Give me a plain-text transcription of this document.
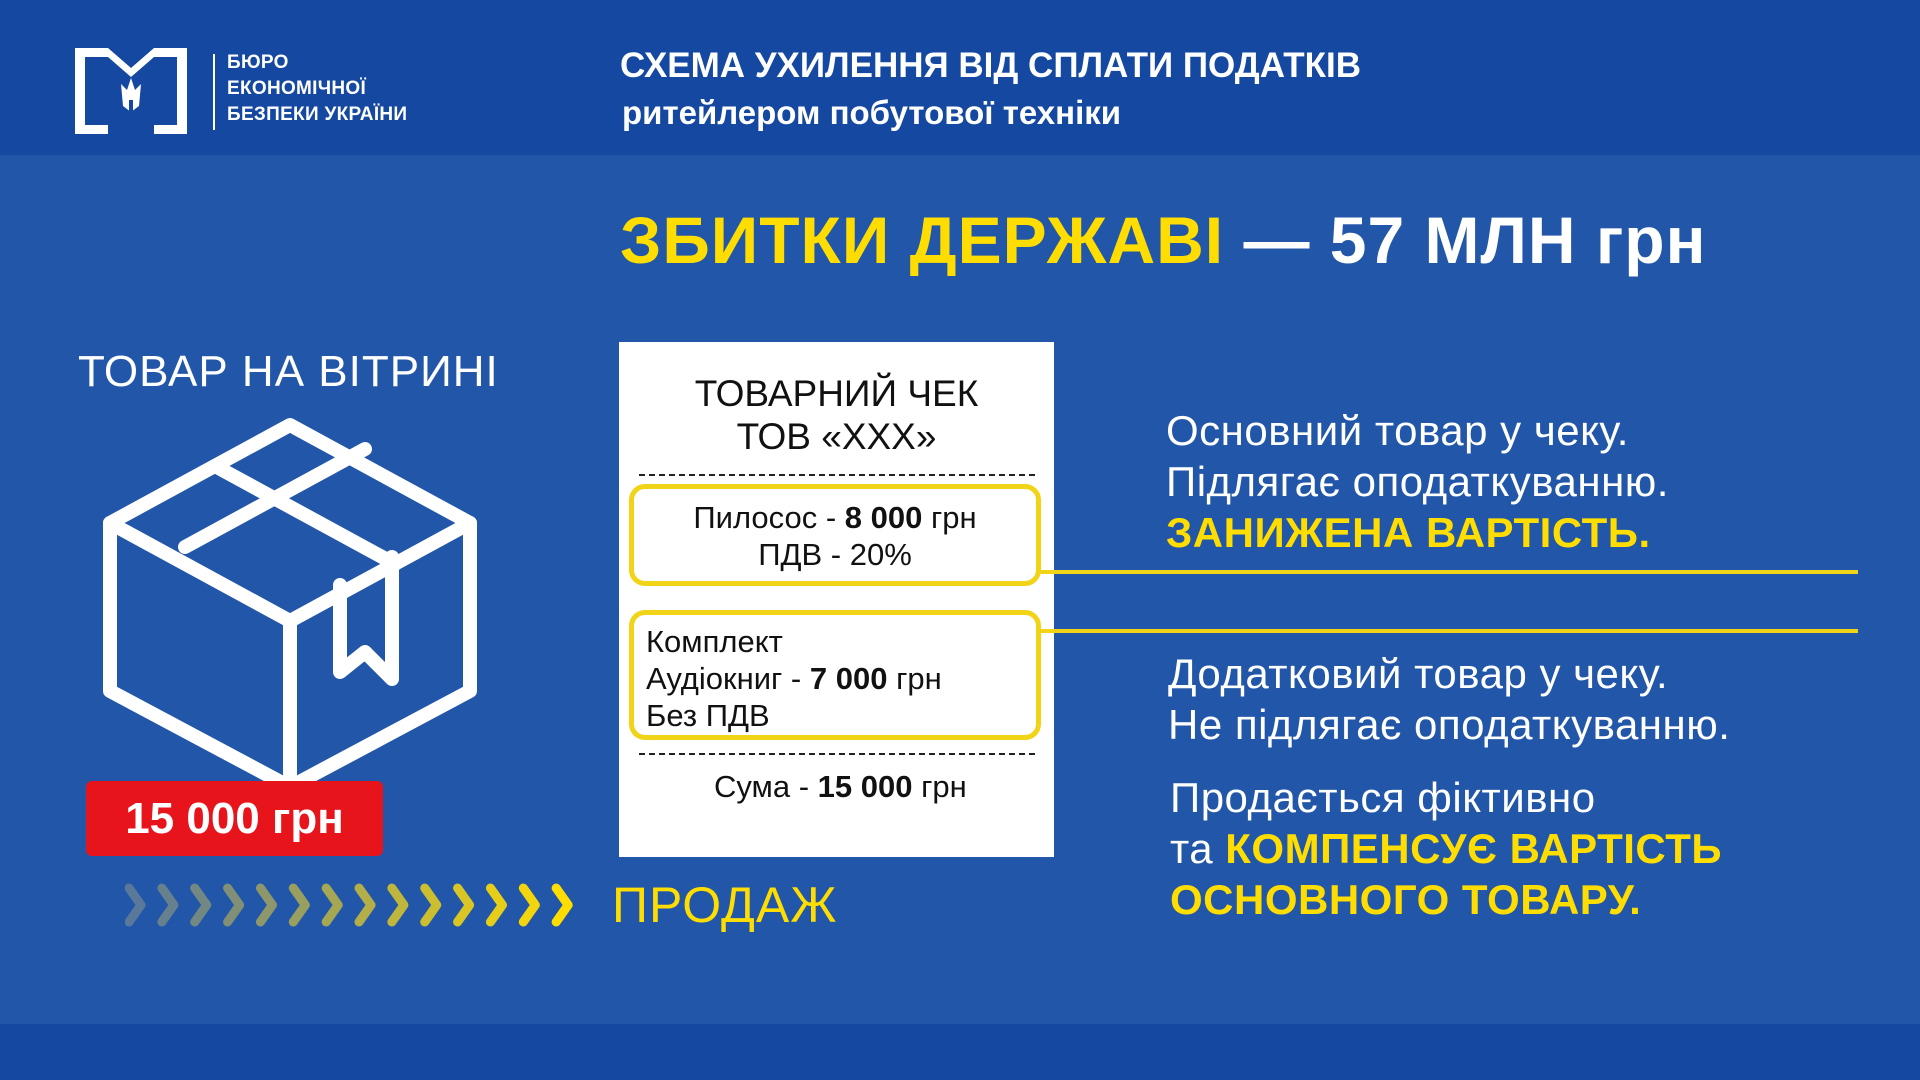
БЮРО
ЕКОНОМІЧНОЇ
БЕЗПЕКИ УКРАЇНИ
СХЕМА УХИЛЕННЯ ВІД СПЛАТИ ПОДАТКІВ
ритейлером побутової техніки
ЗБИТКИ ДЕРЖАВІ — 57 МЛН грн
ТОВАР НА ВІТРИНІ
15 000 грн
ПРОДАЖ
ТОВАРНИЙ ЧЕК
ТОВ «ХХХ»
Пилосос - 8 000 грн
ПДВ - 20%
Комплект
Аудіокниг - 7 000 грн
Без ПДВ
Сума - 15 000 грн
Основний товар у чеку.
Підлягає оподаткуванню.
ЗАНИЖЕНА ВАРТІСТЬ.
Додатковий товар у чеку.
Не підлягає оподаткуванню.
Продається фіктивно
та КОМПЕНСУЄ ВАРТІСТЬ
ОСНОВНОГО ТОВАРУ.
